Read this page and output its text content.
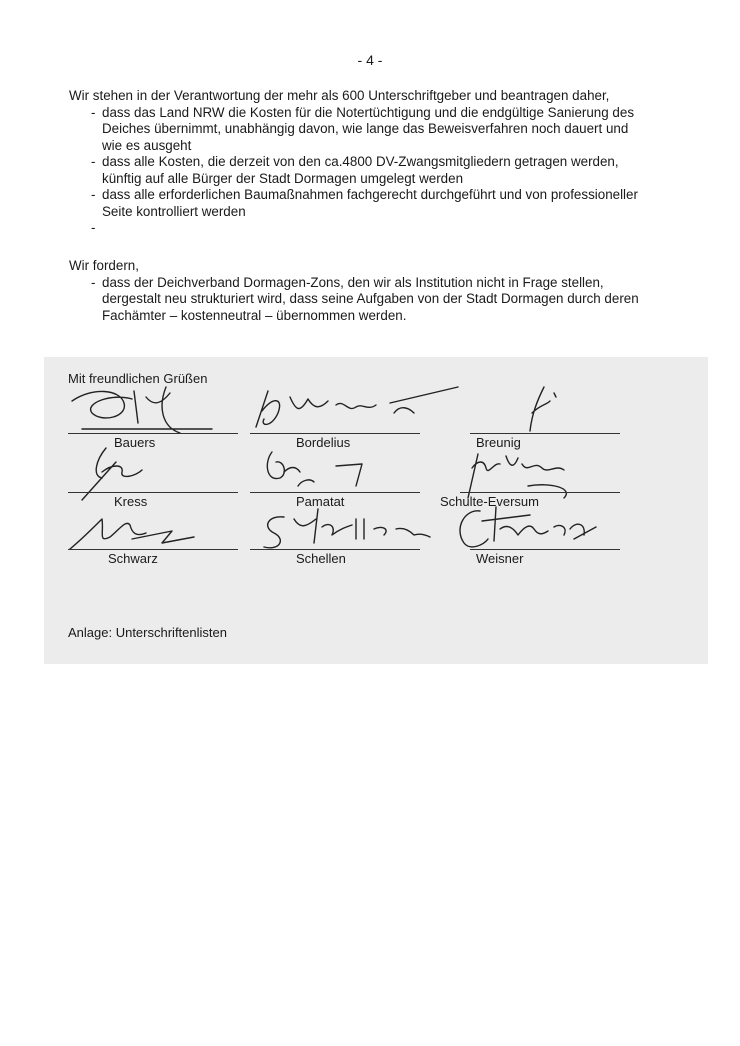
- 4 -
Wir stehen in der Verantwortung der mehr als 600 Unterschriftgeber und beantragen daher,
- dass das Land NRW die Kosten für die Notertüchtigung und die endgültige Sanierung des Deiches übernimmt, unabhängig davon, wie lange das Beweisverfahren noch dauert und wie es ausgeht
- dass alle Kosten, die derzeit von den ca.4800 DV-Zwangsmitgliedern getragen werden, künftig auf alle Bürger der Stadt Dormagen umgelegt werden
- dass alle erforderlichen Baumaßnahmen fachgerecht durchgeführt und von professioneller Seite kontrolliert werden
-
Wir fordern,
- dass der Deichverband Dormagen-Zons, den wir als Institution nicht in Frage stellen, dergestalt neu strukturiert wird, dass seine Aufgaben von der Stadt Dormagen durch deren Fachämter – kostenneutral – übernommen werden.
Mit freundlichen Grüßen
Bauers	Bordelius	Breunig
Kress	Pamatat	Schulte-Eversum
Schwarz	Schellen	Weisner
Anlage: Unterschriftenlisten
